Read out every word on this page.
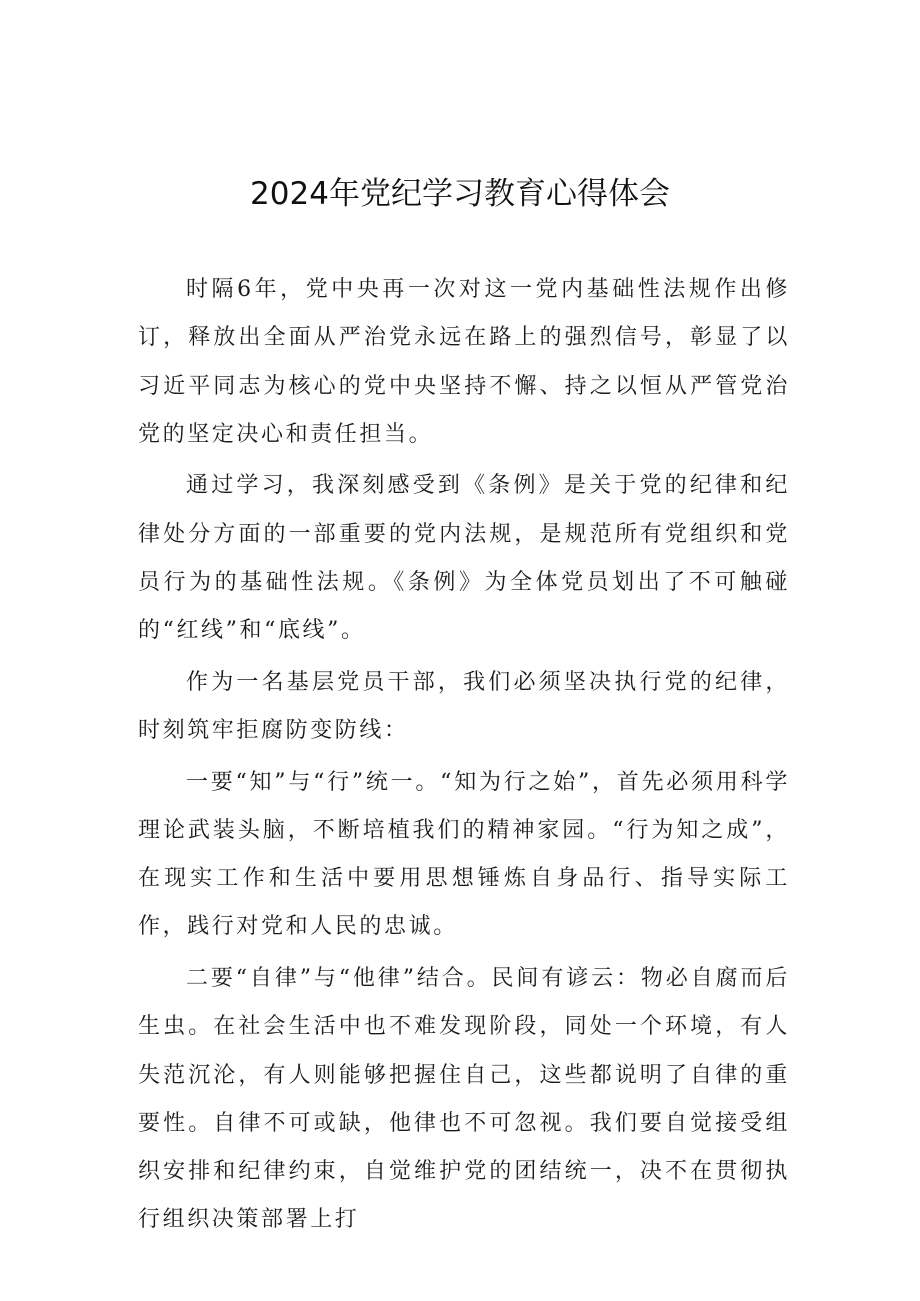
2024年党纪学习教育心得体会

时隔6年，党中央再一次对这一党内基础性法规作出修订，释放出全面从严治党永远在路上的强烈信号，彰显了以习近平同志为核心的党中央坚持不懈、持之以恒从严管党治党的坚定决心和责任担当。

通过学习，我深刻感受到《条例》是关于党的纪律和纪律处分方面的一部重要的党内法规，是规范所有党组织和党员行为的基础性法规。《条例》为全体党员划出了不可触碰的“红线”和“底线”。

作为一名基层党员干部，我们必须坚决执行党的纪律，时刻筑牢拒腐防变防线：

一要“知”与“行”统一。“知为行之始”，首先必须用科学理论武装头脑，不断培植我们的精神家园。“行为知之成”，在现实工作和生活中要用思想锤炼自身品行、指导实际工作，践行对党和人民的忠诚。

二要“自律”与“他律”结合。民间有谚云：物必自腐而后生虫。在社会生活中也不难发现阶段，同处一个环境，有人失范沉沦，有人则能够把握住自己，这些都说明了自律的重要性。自律不可或缺，他律也不可忽视。我们要自觉接受组织安排和纪律约束，自觉维护党的团结统一，决不在贯彻执行组织决策部署上打
